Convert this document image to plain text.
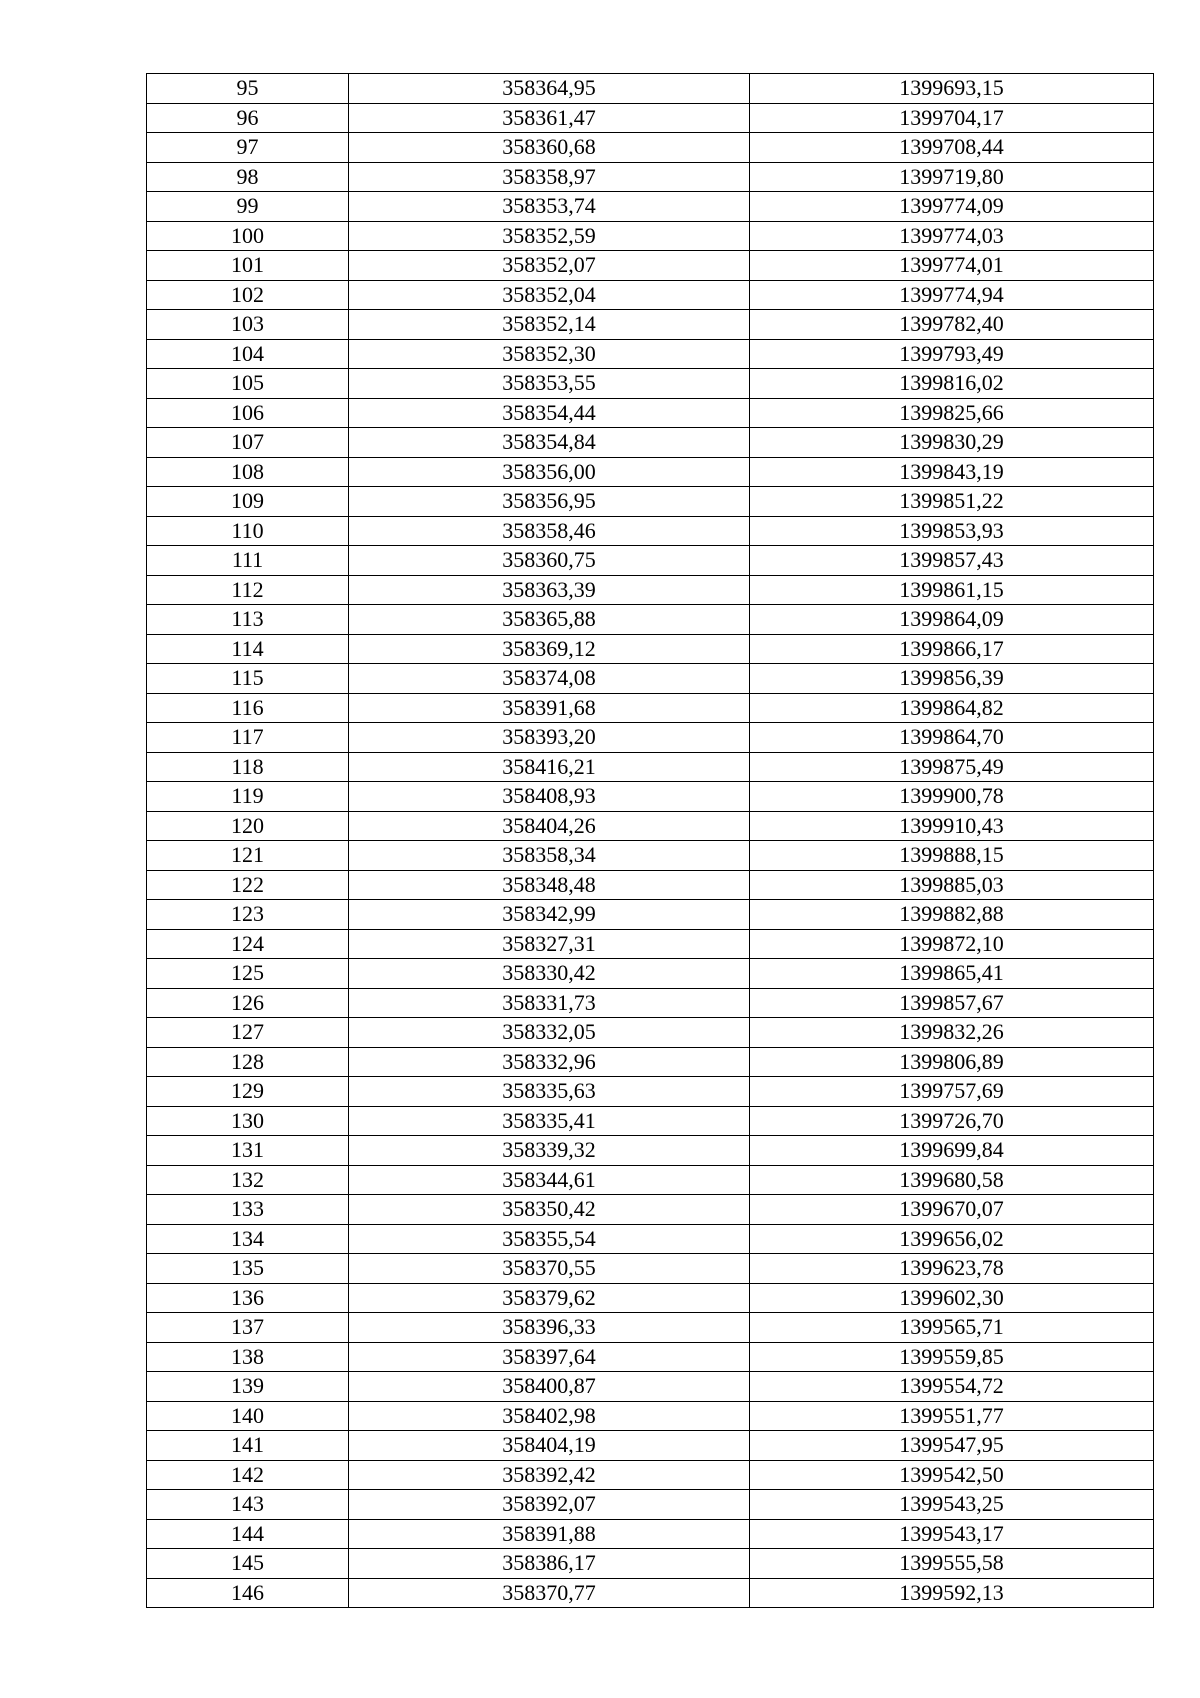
95	358364,95	1399693,15
96	358361,47	1399704,17
97	358360,68	1399708,44
98	358358,97	1399719,80
99	358353,74	1399774,09
100	358352,59	1399774,03
101	358352,07	1399774,01
102	358352,04	1399774,94
103	358352,14	1399782,40
104	358352,30	1399793,49
105	358353,55	1399816,02
106	358354,44	1399825,66
107	358354,84	1399830,29
108	358356,00	1399843,19
109	358356,95	1399851,22
110	358358,46	1399853,93
111	358360,75	1399857,43
112	358363,39	1399861,15
113	358365,88	1399864,09
114	358369,12	1399866,17
115	358374,08	1399856,39
116	358391,68	1399864,82
117	358393,20	1399864,70
118	358416,21	1399875,49
119	358408,93	1399900,78
120	358404,26	1399910,43
121	358358,34	1399888,15
122	358348,48	1399885,03
123	358342,99	1399882,88
124	358327,31	1399872,10
125	358330,42	1399865,41
126	358331,73	1399857,67
127	358332,05	1399832,26
128	358332,96	1399806,89
129	358335,63	1399757,69
130	358335,41	1399726,70
131	358339,32	1399699,84
132	358344,61	1399680,58
133	358350,42	1399670,07
134	358355,54	1399656,02
135	358370,55	1399623,78
136	358379,62	1399602,30
137	358396,33	1399565,71
138	358397,64	1399559,85
139	358400,87	1399554,72
140	358402,98	1399551,77
141	358404,19	1399547,95
142	358392,42	1399542,50
143	358392,07	1399543,25
144	358391,88	1399543,17
145	358386,17	1399555,58
146	358370,77	1399592,13
